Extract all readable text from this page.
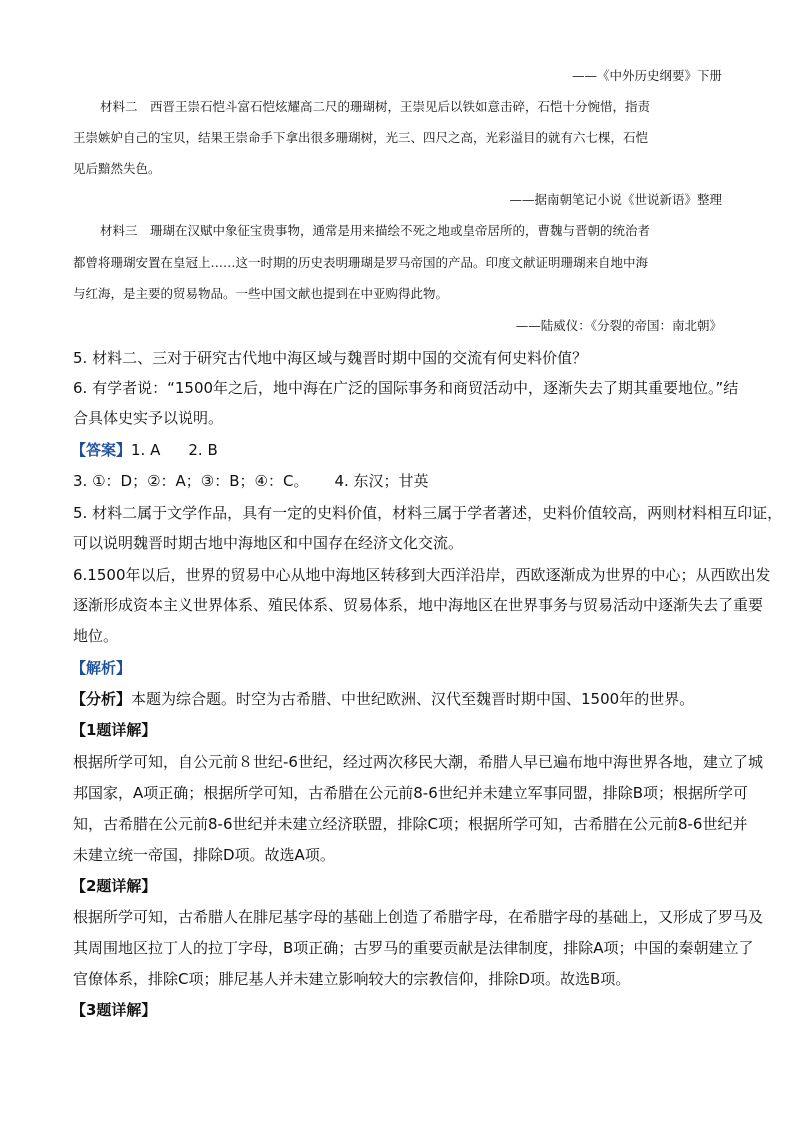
——《中外历史纲要》下册
材料二　西晋王崇石恺斗富石恺炫耀高二尺的珊瑚树，王崇见后以铁如意击碎，石恺十分惋惜，指责
王崇嫉妒自己的宝贝，结果王崇命手下拿出很多珊瑚树，光三、四尺之高，光彩溢目的就有六七棵，石恺
见后黯然失色。
——据南朝笔记小说《世说新语》整理
材料三　珊瑚在汉赋中象征宝贵事物，通常是用来描绘不死之地或皇帝居所的，曹魏与晋朝的统治者
都曾将珊瑚安置在皇冠上……这一时期的历史表明珊瑚是罗马帝国的产品。印度文献证明珊瑚来自地中海
与红海，是主要的贸易物品。一些中国文献也提到在中亚购得此物。
——陆威仪：《分裂的帝国：南北朝》
5. 材料二、三对于研究古代地中海区域与魏晋时期中国的交流有何史料价值？
6. 有学者说：“1500年之后，地中海在广泛的国际事务和商贸活动中，逐渐失去了期其重要地位。”结
合具体史实予以说明。
【答案】1. A 2. B
3. ①：D；②：A；③：B；④：C。 4. 东汉；甘英
5. 材料二属于文学作品，具有一定的史料价值，材料三属于学者著述，史料价值较高，两则材料相互印证，
可以说明魏晋时期古地中海地区和中国存在经济文化交流。
6.1500年以后，世界的贸易中心从地中海地区转移到大西洋沿岸，西欧逐渐成为世界的中心；从西欧出发
逐渐形成资本主义世界体系、殖民体系、贸易体系，地中海地区在世界事务与贸易活动中逐渐失去了重要
地位。
【解析】
【分析】本题为综合题。时空为古希腊、中世纪欧洲、汉代至魏晋时期中国、1500年的世界。
【1题详解】
根据所学可知，自公元前８世纪-6世纪，经过两次移民大潮，希腊人早已遍布地中海世界各地，建立了城
邦国家，A项正确；根据所学可知，古希腊在公元前8-6世纪并未建立军事同盟，排除B项；根据所学可
知，古希腊在公元前8-6世纪并未建立经济联盟，排除C项；根据所学可知，古希腊在公元前8-6世纪并
未建立统一帝国，排除D项。故选A项。
【2题详解】
根据所学可知，古希腊人在腓尼基字母的基础上创造了希腊字母，在希腊字母的基础上，又形成了罗马及
其周围地区拉丁人的拉丁字母，B项正确；古罗马的重要贡献是法律制度，排除A项；中国的秦朝建立了
官僚体系，排除C项；腓尼基人并未建立影响较大的宗教信仰，排除D项。故选B项。
【3题详解】
